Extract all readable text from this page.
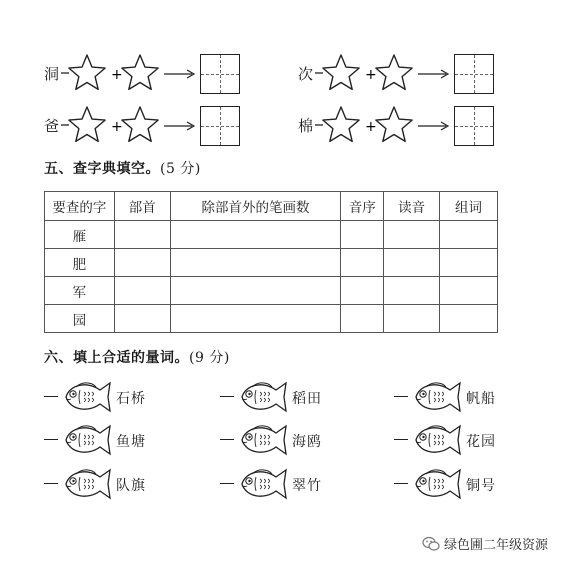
+
洞	+
次
+
爸	+
棉
五、查字典填空。(5 分)
要查的字	部首	除部首外的笔画数	音序	读音	组词
雁					
肥					
军					
园					
六、填上合适的量词。(9 分)
石桥	稻田	帆船
鱼塘	海鸥	花园
队旗	翠竹	铜号
绿色圃二年级资源
